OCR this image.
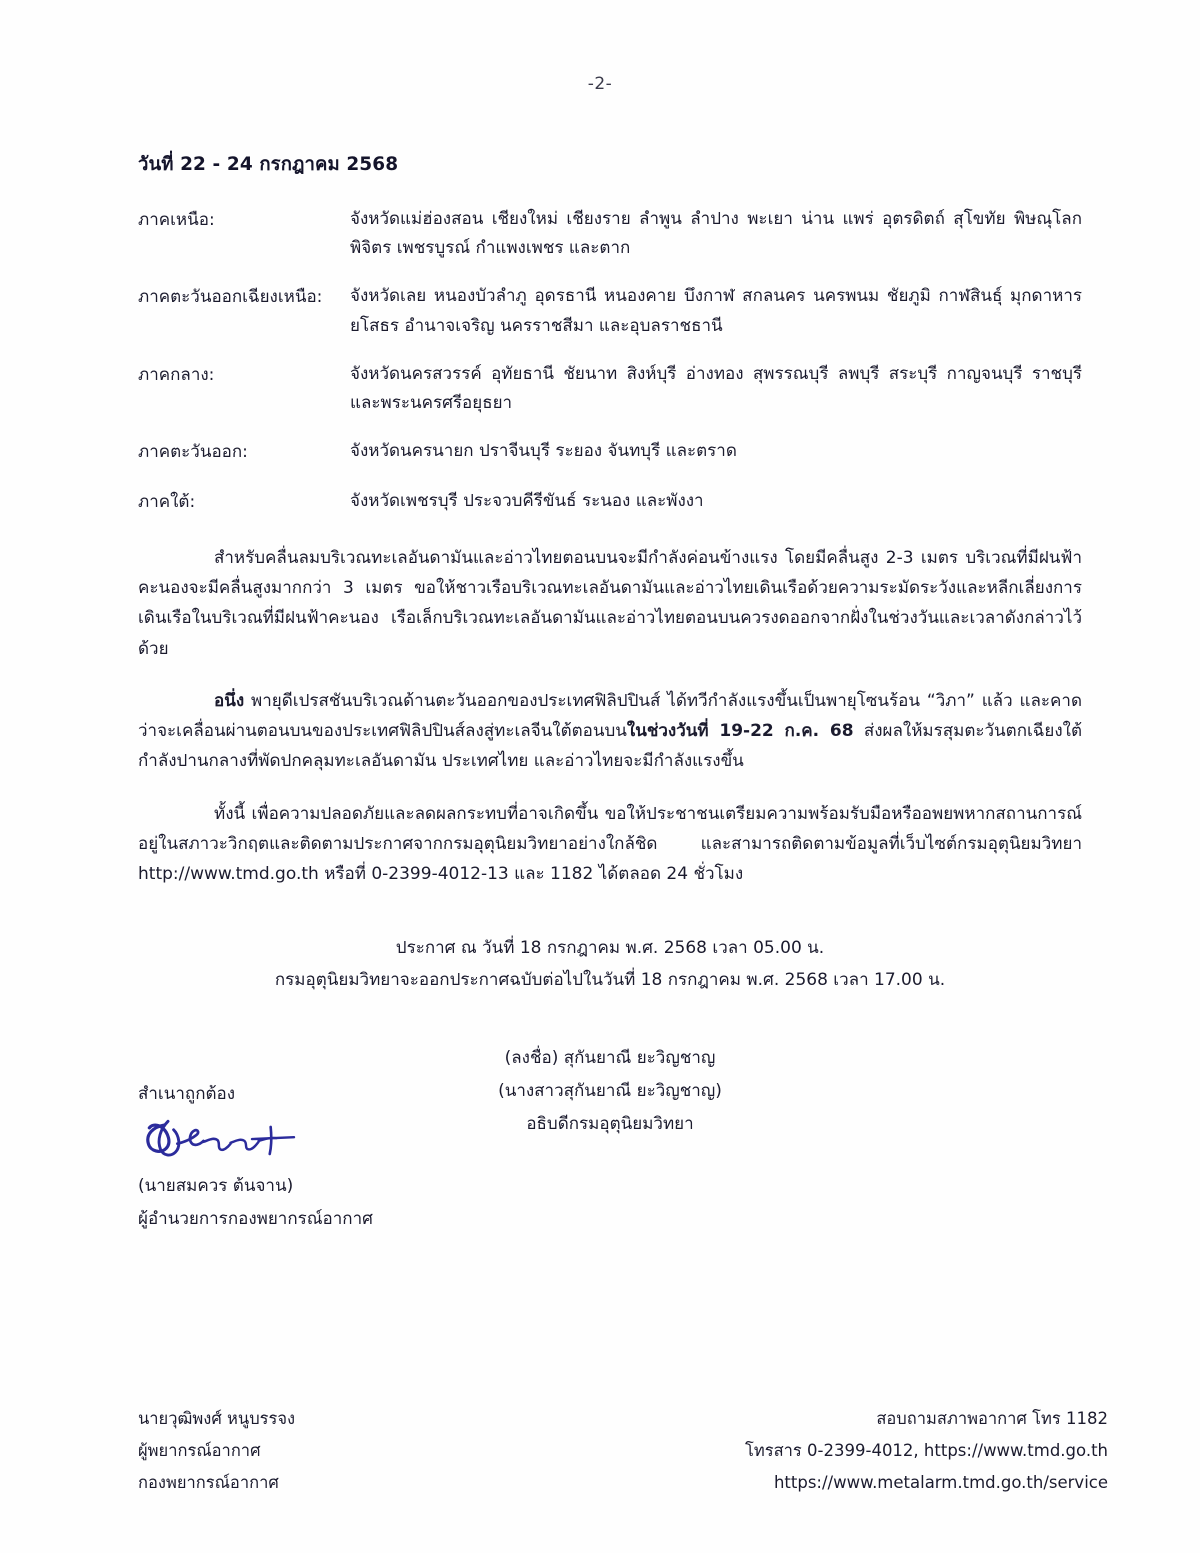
-2-
วันที่ 22 - 24 กรกฎาคม 2568
ภาคเหนือ:	จังหวัดแม่ฮ่องสอน เชียงใหม่ เชียงราย ลำพูน ลำปาง พะเยา น่าน แพร่ อุตรดิตถ์ สุโขทัย พิษณุโลก พิจิตร เพชรบูรณ์ กำแพงเพชร และตาก
ภาคตะวันออกเฉียงเหนือ:	จังหวัดเลย หนองบัวลำภู อุดรธานี หนองคาย บึงกาฬ สกลนคร นครพนม ชัยภูมิ กาฬสินธุ์ มุกดาหาร ยโสธร อำนาจเจริญ นครราชสีมา และอุบลราชธานี
ภาคกลาง:	จังหวัดนครสวรรค์ อุทัยธานี ชัยนาท สิงห์บุรี อ่างทอง สุพรรณบุรี ลพบุรี สระบุรี กาญจนบุรี ราชบุรี และพระนครศรีอยุธยา
ภาคตะวันออก:	จังหวัดนครนายก ปราจีนบุรี ระยอง จันทบุรี และตราด
ภาคใต้:	จังหวัดเพชรบุรี ประจวบคีรีขันธ์ ระนอง และพังงา

สำหรับคลื่นลมบริเวณทะเลอันดามันและอ่าวไทยตอนบนจะมีกำลังค่อนข้างแรง โดยมีคลื่นสูง 2-3 เมตร บริเวณที่มีฝนฟ้าคะนองจะมีคลื่นสูงมากกว่า 3 เมตร ขอให้ชาวเรือบริเวณทะเลอันดามันและอ่าวไทยเดินเรือด้วยความระมัดระวังและหลีกเลี่ยงการเดินเรือในบริเวณที่มีฝนฟ้าคะนอง เรือเล็กบริเวณทะเลอันดามันและอ่าวไทยตอนบนควรงดออกจากฝั่งในช่วงวันและเวลาดังกล่าวไว้ด้วย

อนึ่ง พายุดีเปรสชันบริเวณด้านตะวันออกของประเทศฟิลิปปินส์ ได้ทวีกำลังแรงขึ้นเป็นพายุโซนร้อน “วิภา” แล้ว และคาดว่าจะเคลื่อนผ่านตอนบนของประเทศฟิลิปปินส์ลงสู่ทะเลจีนใต้ตอนบนในช่วงวันที่ 19-22 ก.ค. 68 ส่งผลให้มรสุมตะวันตกเฉียงใต้กำลังปานกลางที่พัดปกคลุมทะเลอันดามัน ประเทศไทย และอ่าวไทยจะมีกำลังแรงขึ้น

ทั้งนี้ เพื่อความปลอดภัยและลดผลกระทบที่อาจเกิดขึ้น ขอให้ประชาชนเตรียมความพร้อมรับมือหรืออพยพหากสถานการณ์อยู่ในสภาวะวิกฤตและติดตามประกาศจากกรมอุตุนิยมวิทยาอย่างใกล้ชิด และสามารถติดตามข้อมูลที่เว็บไซต์กรมอุตุนิยมวิทยา http://www.tmd.go.th หรือที่ 0-2399-4012-13 และ 1182 ได้ตลอด 24 ชั่วโมง

ประกาศ ณ วันที่ 18 กรกฎาคม พ.ศ. 2568 เวลา 05.00 น.
กรมอุตุนิยมวิทยาจะออกประกาศฉบับต่อไปในวันที่ 18 กรกฎาคม พ.ศ. 2568 เวลา 17.00 น.
(ลงชื่อ) สุกันยาณี ยะวิญชาญ
(นางสาวสุกันยาณี ยะวิญชาญ)
อธิบดีกรมอุตุนิยมวิทยา
สำเนาถูกต้อง
(นายสมควร ต้นจาน)
ผู้อำนวยการกองพยากรณ์อากาศ
นายวุฒิพงศ์ หนูบรรจง
ผู้พยากรณ์อากาศ
กองพยากรณ์อากาศ
สอบถามสภาพอากาศ โทร 1182
โทรสาร 0-2399-4012, https://www.tmd.go.th
https://www.metalarm.tmd.go.th/service
